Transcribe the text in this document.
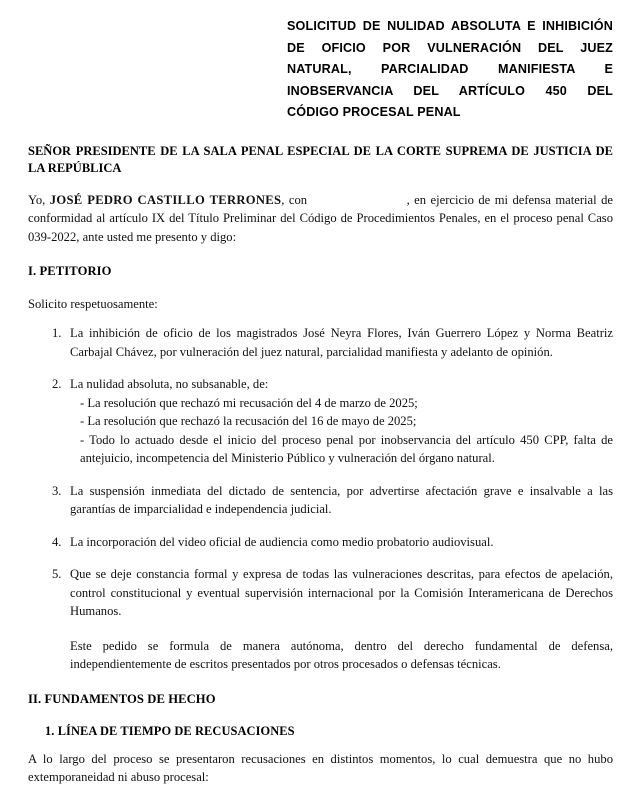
SOLICITUD DE NULIDAD ABSOLUTA E INHIBICIÓN DE OFICIO POR VULNERACIÓN DEL JUEZ NATURAL, PARCIALIDAD MANIFIESTA E INOBSERVANCIA DEL ARTÍCULO 450 DEL
CÓDIGO PROCESAL PENAL
SEÑOR PRESIDENTE DE LA SALA PENAL ESPECIAL DE LA CORTE SUPREMA DE JUSTICIA DE LA REPÚBLICA

Yo, JOSÉ PEDRO CASTILLO TERRONES, con	, en ejercicio de mi defensa material de conformidad al artículo IX del Título Preliminar del Código de Procedimientos Penales, en el proceso penal Caso 039-2022, ante usted me presento y digo:

I. PETITORIO
Solicito respetuosamente:
1. La inhibición de oficio de los magistrados José Neyra Flores, Iván Guerrero López y Norma Beatriz Carbajal Chávez, por vulneración del juez natural, parcialidad manifiesta y adelanto de opinión.
2. La nulidad absoluta, no subsanable, de:
- La resolución que rechazó mi recusación del 4 de marzo de 2025;
- La resolución que rechazó la recusación del 16 de mayo de 2025;
- Todo lo actuado desde el inicio del proceso penal por inobservancia del artículo 450 CPP, falta de antejuicio, incompetencia del Ministerio Público y vulneración del órgano natural.
3. La suspensión inmediata del dictado de sentencia, por advertirse afectación grave e insalvable a las garantías de imparcialidad e independencia judicial.
4. La incorporación del video oficial de audiencia como medio probatorio audiovisual.
5. Que se deje constancia formal y expresa de todas las vulneraciones descritas, para efectos de apelación, control constitucional y eventual supervisión internacional por la Comisión Interamericana de Derechos Humanos.

Este pedido se formula de manera autónoma, dentro del derecho fundamental de defensa, independientemente de escritos presentados por otros procesados o defensas técnicas.

II. FUNDAMENTOS DE HECHO
1. LÍNEA DE TIEMPO DE RECUSACIONES

A lo largo del proceso se presentaron recusaciones en distintos momentos, lo cual demuestra que no hubo extemporaneidad ni abuso procesal:
